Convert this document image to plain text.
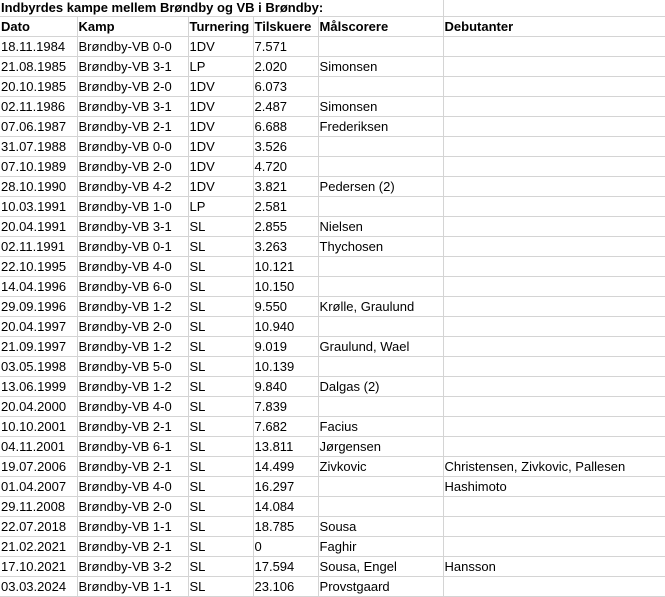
Indbyrdes kampe mellem Brøndby og VB i Brøndby:					
Dato	Kamp	Turnering	Tilskuere	Målscorere	Debutanter
18.11.1984	Brøndby-VB 0-0	1DV	7.571		
21.08.1985	Brøndby-VB 3-1	LP	2.020	Simonsen	
20.10.1985	Brøndby-VB 2-0	1DV	6.073		
02.11.1986	Brøndby-VB 3-1	1DV	2.487	Simonsen	
07.06.1987	Brøndby-VB 2-1	1DV	6.688	Frederiksen	
31.07.1988	Brøndby-VB 0-0	1DV	3.526		
07.10.1989	Brøndby-VB 2-0	1DV	4.720		
28.10.1990	Brøndby-VB 4-2	1DV	3.821	Pedersen (2)	
10.03.1991	Brøndby-VB 1-0	LP	2.581		
20.04.1991	Brøndby-VB 3-1	SL	2.855	Nielsen	
02.11.1991	Brøndby-VB 0-1	SL	3.263	Thychosen	
22.10.1995	Brøndby-VB 4-0	SL	10.121		
14.04.1996	Brøndby-VB 6-0	SL	10.150		
29.09.1996	Brøndby-VB 1-2	SL	9.550	Krølle, Graulund	
20.04.1997	Brøndby-VB 2-0	SL	10.940		
21.09.1997	Brøndby-VB 1-2	SL	9.019	Graulund, Wael	
03.05.1998	Brøndby-VB 5-0	SL	10.139		
13.06.1999	Brøndby-VB 1-2	SL	9.840	Dalgas (2)	
20.04.2000	Brøndby-VB 4-0	SL	7.839		
10.10.2001	Brøndby-VB 2-1	SL	7.682	Facius	
04.11.2001	Brøndby-VB 6-1	SL	13.811	Jørgensen	
19.07.2006	Brøndby-VB 2-1	SL	14.499	Zivkovic	Christensen, Zivkovic, Pallesen
01.04.2007	Brøndby-VB 4-0	SL	16.297		Hashimoto
29.11.2008	Brøndby-VB 2-0	SL	14.084		
22.07.2018	Brøndby-VB 1-1	SL	18.785	Sousa	
21.02.2021	Brøndby-VB 2-1	SL	0	Faghir	
17.10.2021	Brøndby-VB 3-2	SL	17.594	Sousa, Engel	Hansson
03.03.2024	Brøndby-VB 1-1	SL	23.106	Provstgaard	
